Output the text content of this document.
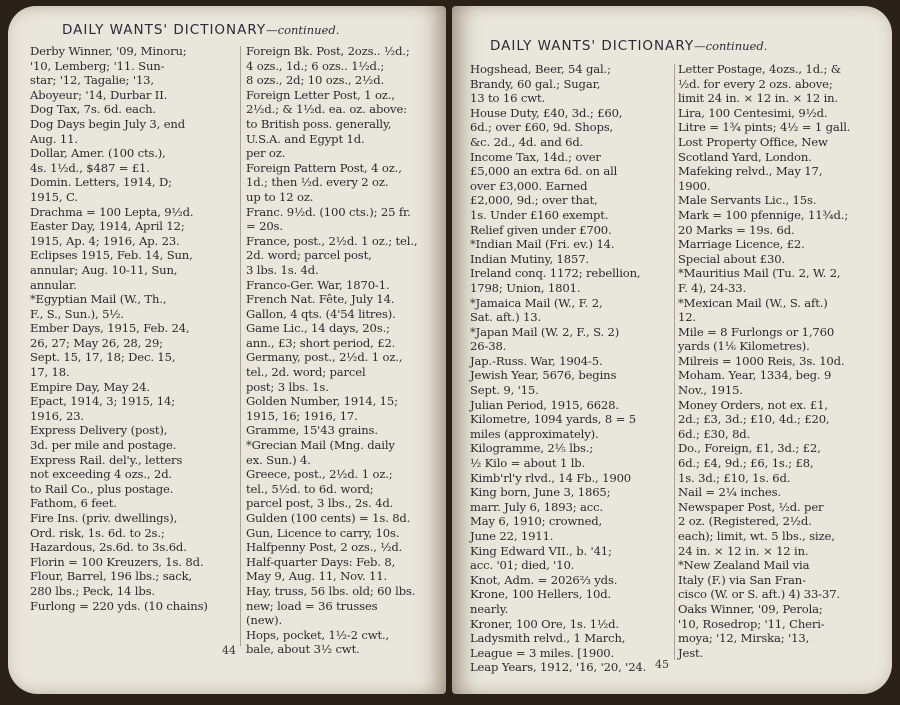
DAILY WANTS' DICTIONARY—continued.
Derby Winner, '09, Minoru;
'10, Lemberg; '11. Sun-
star; '12, Tagalie; '13,
Aboyeur; '14, Durbar II.
Dog Tax, 7s. 6d. each.
Dog Days begin July 3, end
Aug. 11.
Dollar, Amer. (100 cts.),
4s. 1½d., $487 = £1.
Domin. Letters, 1914, D;
1915, C.
Drachma = 100 Lepta, 9½d.
Easter Day, 1914, April 12;
1915, Ap. 4; 1916, Ap. 23.
Eclipses 1915, Feb. 14, Sun,
annular; Aug. 10-11, Sun,
annular.
*Egyptian Mail (W., Th.,
F., S., Sun.), 5½.
Ember Days, 1915, Feb. 24,
26, 27; May 26, 28, 29;
Sept. 15, 17, 18; Dec. 15,
17, 18.
Empire Day, May 24.
Epact, 1914, 3; 1915, 14;
1916, 23.
Express Delivery (post),
3d. per mile and postage.
Express Rail. del'y., letters
not exceeding 4 ozs., 2d.
to Rail Co., plus postage.
Fathom, 6 feet.
Fire Ins. (priv. dwellings),
Ord. risk, 1s. 6d. to 2s.;
Hazardous, 2s.6d. to 3s.6d.
Florin = 100 Kreuzers, 1s. 8d.
Flour, Barrel, 196 lbs.; sack,
280 lbs.; Peck, 14 lbs.
Furlong = 220 yds. (10 chains)
Foreign Bk. Post, 2ozs.. ½d.;
4 ozs., 1d.; 6 ozs.. 1½d.;
8 ozs., 2d; 10 ozs., 2½d.
Foreign Letter Post, 1 oz.,
2½d.; & 1½d. ea. oz. above:
to British poss. generally,
U.S.A. and Egypt 1d.
per oz.
Foreign Pattern Post, 4 oz.,
1d.; then ½d. every 2 oz.
up to 12 oz.
Franc. 9½d. (100 cts.); 25 fr.
= 20s.
France, post., 2½d. 1 oz.; tel.,
2d. word; parcel post,
3 lbs. 1s. 4d.
Franco-Ger. War, 1870-1.
French Nat. Fête, July 14.
Gallon, 4 qts. (4'54 litres).
Game Lic., 14 days, 20s.;
ann., £3; short period, £2.
Germany, post., 2½d. 1 oz.,
tel., 2d. word; parcel
post; 3 lbs. 1s.
Golden Number, 1914, 15;
1915, 16; 1916, 17.
Gramme, 15'43 grains.
*Grecian Mail (Mng. daily
ex. Sun.) 4.
Greece, post., 2½d. 1 oz.;
tel., 5½d. to 6d. word;
parcel post, 3 lbs., 2s. 4d.
Gulden (100 cents) = 1s. 8d.
Gun, Licence to carry, 10s.
Halfpenny Post, 2 ozs., ½d.
Half-quarter Days: Feb. 8,
May 9, Aug. 11, Nov. 11.
Hay, truss, 56 lbs. old; 60 lbs.
new; load = 36 trusses
(new).
Hops, pocket, 1½-2 cwt.,
bale, about 3½ cwt.
44
DAILY WANTS' DICTIONARY—continued.
Hogshead, Beer, 54 gal.;
Brandy, 60 gal.; Sugar,
13 to 16 cwt.
House Duty, £40, 3d.; £60,
6d.; over £60, 9d. Shops,
&c. 2d., 4d. and 6d.
Income Tax, 14d.; over
£5,000 an extra 6d. on all
over £3,000. Earned
£2,000, 9d.; over that,
1s. Under £160 exempt.
Relief given under £700.
*Indian Mail (Fri. ev.) 14.
Indian Mutiny, 1857.
Ireland conq. 1172; rebellion,
1798; Union, 1801.
*Jamaica Mail (W., F. 2,
Sat. aft.) 13.
*Japan Mail (W. 2, F., S. 2)
26-38.
Jap.-Russ. War, 1904-5.
Jewish Year, 5676, begins
Sept. 9, '15.
Julian Period, 1915, 6628.
Kilometre, 1094 yards, 8 = 5
miles (approximately).
Kilogramme, 2⅕ lbs.;
½ Kilo = about 1 lb.
Kimb'rl'y rlvd., 14 Fb., 1900
King born, June 3, 1865;
marr. July 6, 1893; acc.
May 6, 1910; crowned,
June 22, 1911.
King Edward VII., b. '41;
acc. '01; died, '10.
Knot, Adm. = 2026⅔ yds.
Krone, 100 Hellers, 10d.
nearly.
Kroner, 100 Ore, 1s. 1½d.
Ladysmith relvd., 1 March,
League = 3 miles. [1900.
Leap Years, 1912, '16, '20, '24.
Letter Postage, 4ozs., 1d.; &
½d. for every 2 ozs. above;
limit 24 in. × 12 in. × 12 in.
Lira, 100 Centesimi, 9½d.
Litre = 1¾ pints; 4½ = 1 gall.
Lost Property Office, New
Scotland Yard, London.
Mafeking relvd., May 17,
1900.
Male Servants Lic., 15s.
Mark = 100 pfennige, 11¾d.;
20 Marks = 19s. 6d.
Marriage Licence, £2.
Special about £30.
*Mauritius Mail (Tu. 2, W. 2,
F. 4), 24-33.
*Mexican Mail (W., S. aft.)
12.
Mile = 8 Furlongs or 1,760
yards (1⅙ Kilometres).
Milreis = 1000 Reis, 3s. 10d.
Moham. Year, 1334, beg. 9
Nov., 1915.
Money Orders, not ex. £1,
2d.; £3, 3d.; £10, 4d.; £20,
6d.; £30, 8d.
Do., Foreign, £1, 3d.; £2,
6d.; £4, 9d.; £6, 1s.; £8,
1s. 3d.; £10, 1s. 6d.
Nail = 2¼ inches.
Newspaper Post, ½d. per
2 oz. (Registered, 2½d.
each); limit, wt. 5 lbs., size,
24 in. × 12 in. × 12 in.
*New Zealand Mail via
Italy (F.) via San Fran-
cisco (W. or S. aft.) 4) 33-37.
Oaks Winner, '09, Perola;
'10, Rosedrop; '11, Cheri-
moya; '12, Mirska; '13,
Jest.
45
